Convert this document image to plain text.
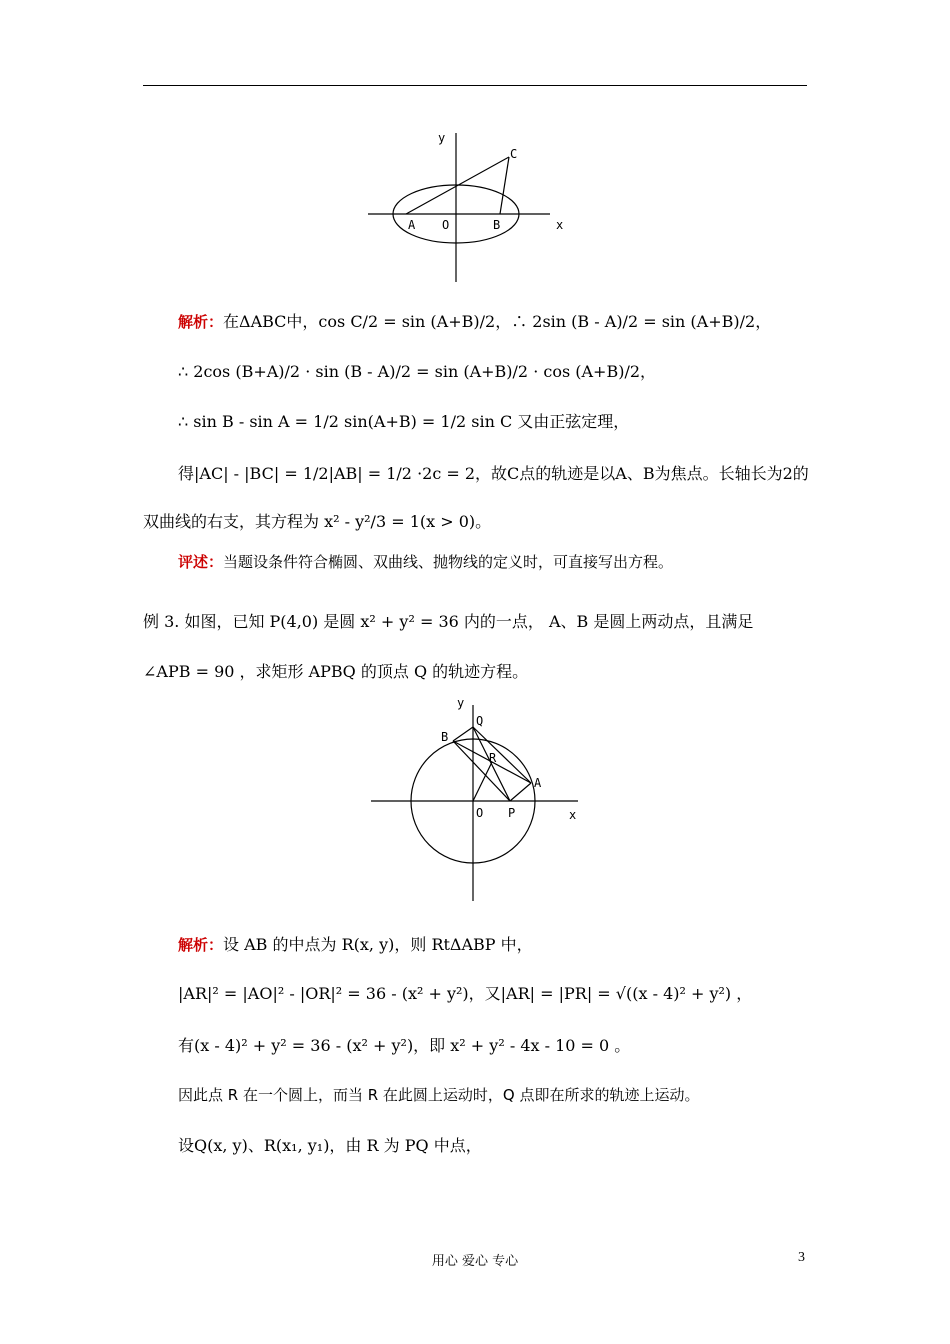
y
x
C
A O	B
解析：在ΔABC中，cos C/2 = sin (A+B)/2，∴ 2sin (B - A)/2 = sin (A+B)/2，
∴ 2cos (B+A)/2 · sin (B - A)/2 = sin (A+B)/2 · cos (A+B)/2，
∴ sin B - sin A = 1/2 sin(A+B) = 1/2 sin C 又由正弦定理，
得|AC| - |BC| = 1/2|AB| = 1/2 ·2c = 2，故C点的轨迹是以A、B为焦点。长轴长为2的
双曲线的右支，其方程为 x² - y²/3 = 1(x > 0)。
评述：当题设条件符合椭圆、双曲线、抛物线的定义时，可直接写出方程。
例 3. 如图，已知 P(4,0) 是圆 x² + y² = 36 内的一点， A、B 是圆上两动点，且满足
∠APB = 90 ，求矩形 APBQ 的顶点 Q 的轨迹方程。
y
Q
B
R
A
O P	x
解析：设 AB 的中点为 R(x, y)，则 RtΔABP 中，
|AR|² = |AO|² - |OR|² = 36 - (x² + y²)，又|AR| = |PR| = √((x - 4)² + y²) ，
有(x - 4)² + y² = 36 - (x² + y²)，即 x² + y² - 4x - 10 = 0 。
因此点 R 在一个圆上，而当 R 在此圆上运动时，Q 点即在所求的轨迹上运动。
设Q(x, y)、R(x₁, y₁)，由 R 为 PQ 中点，
用心 爱心 专心	3
